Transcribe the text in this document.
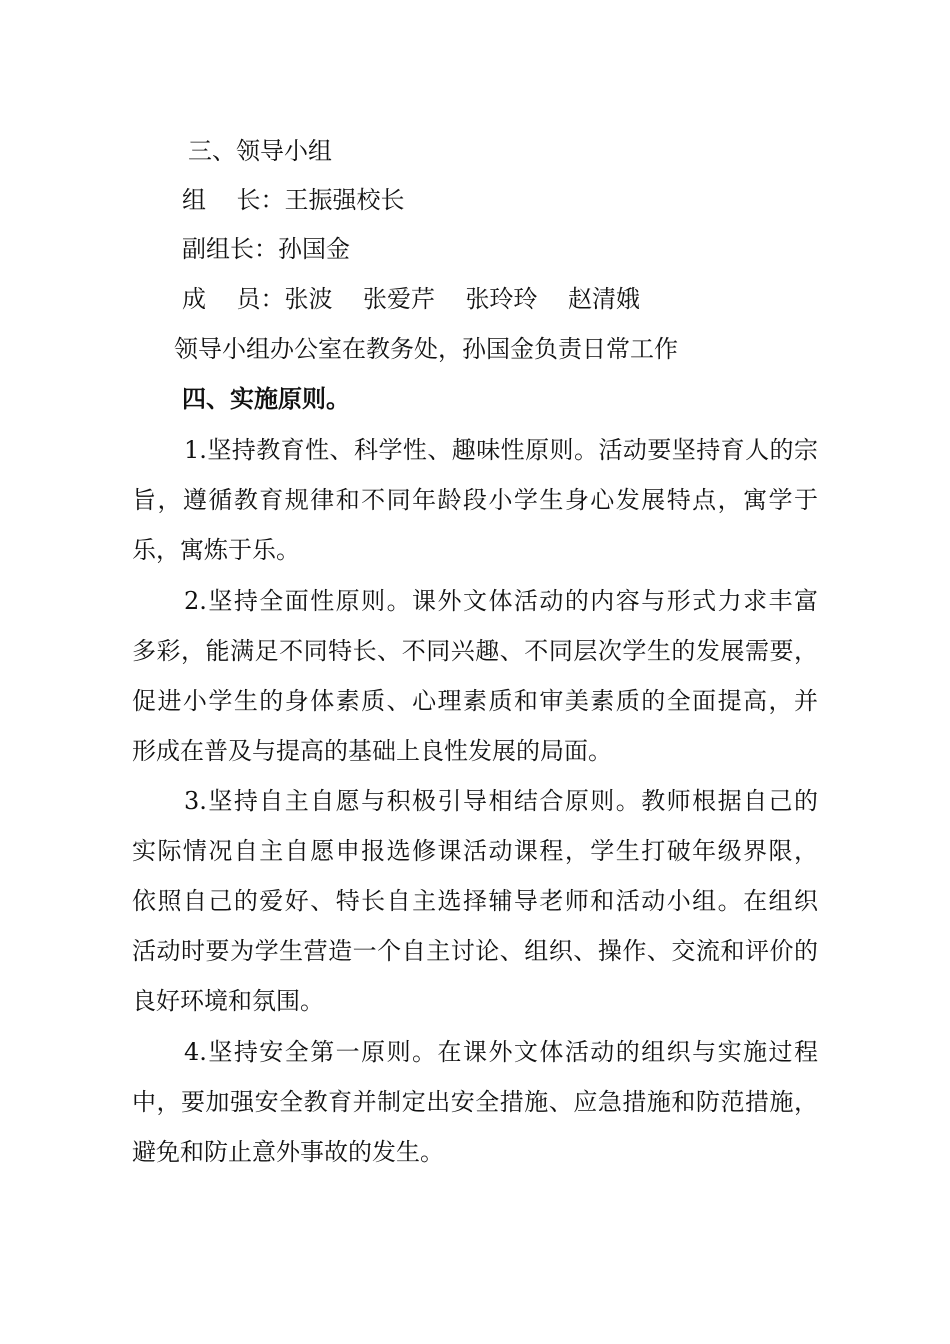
三、领导小组
组    长：王振强校长
副组长：孙国金
成    员：张波    张爱芹    张玲玲    赵清娥
领导小组办公室在教务处，孙国金负责日常工作
四、实施原则。
1.坚持教育性、科学性、趣味性原则。活动要坚持育人的宗
旨，遵循教育规律和不同年龄段小学生身心发展特点，寓学于
乐，寓炼于乐。
2.坚持全面性原则。课外文体活动的内容与形式力求丰富
多彩，能满足不同特长、不同兴趣、不同层次学生的发展需要，
促进小学生的身体素质、心理素质和审美素质的全面提高，并
形成在普及与提高的基础上良性发展的局面。
3.坚持自主自愿与积极引导相结合原则。教师根据自己的
实际情况自主自愿申报选修课活动课程，学生打破年级界限，
依照自己的爱好、特长自主选择辅导老师和活动小组。在组织
活动时要为学生营造一个自主讨论、组织、操作、交流和评价的
良好环境和氛围。
4.坚持安全第一原则。在课外文体活动的组织与实施过程
中，要加强安全教育并制定出安全措施、应急措施和防范措施，
避免和防止意外事故的发生。
